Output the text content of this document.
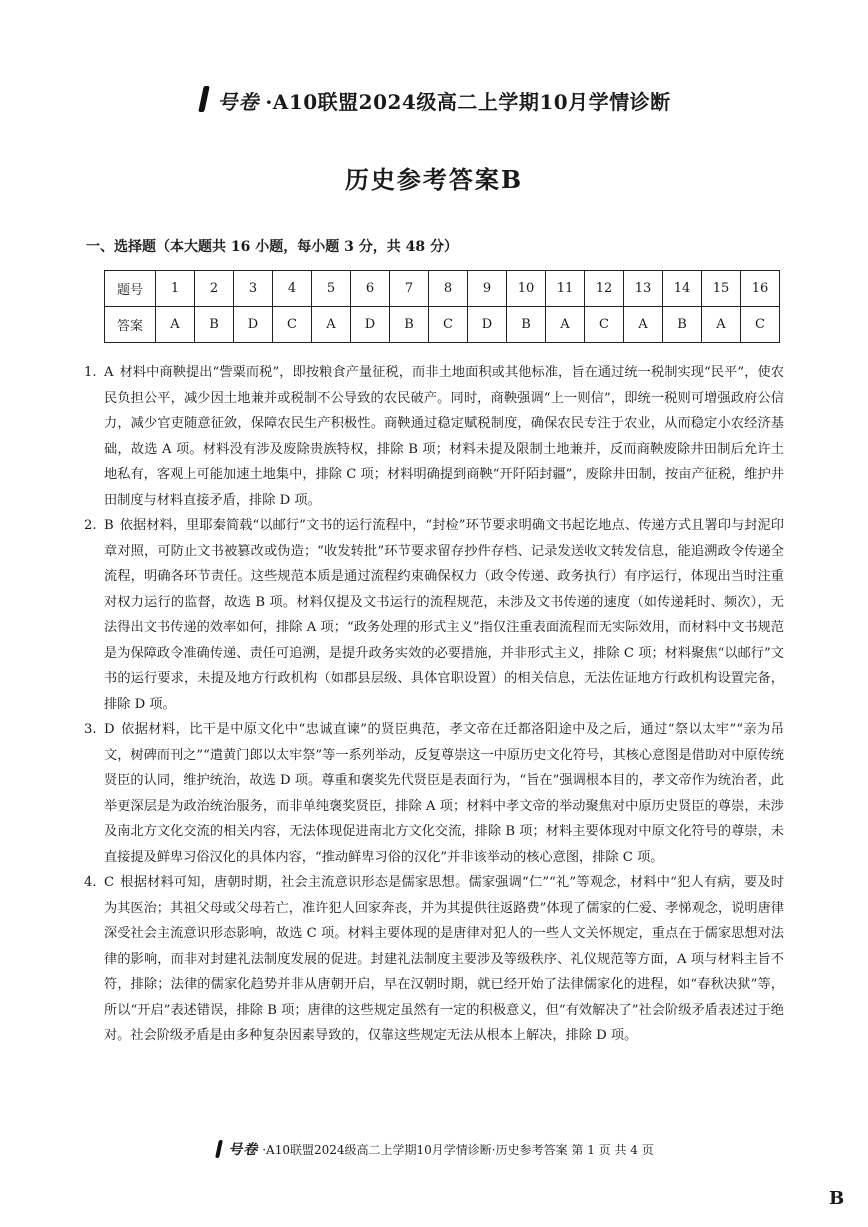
号卷 ·A10联盟2024级高二上学期10月学情诊断
历史参考答案B
一、选择题（本大题共 16 小题，每小题 3 分，共 48 分）
题号	1	2	3	4	5	6	7	8	9	10	11	12	13	14	15	16
答案	A	B	D	C	A	D	B	C	D	B	A	C	A	B	A	C
1. A 材料中商鞅提出“訾粟而税”，即按粮食产量征税，而非土地面积或其他标准，旨在通过统一税制实现“民平”，使农民负担公平，减少因土地兼并或税制不公导致的农民破产。同时，商鞅强调“上一则信”，即统一税则可增强政府公信力，减少官吏随意征敛，保障农民生产积极性。商鞅通过稳定赋税制度，确保农民专注于农业，从而稳定小农经济基础，故选 A 项。材料没有涉及废除贵族特权，排除 B 项；材料未提及限制土地兼并，反而商鞅废除井田制后允许土地私有，客观上可能加速土地集中，排除 C 项；材料明确提到商鞅“开阡陌封疆”，废除井田制，按亩产征税，维护井田制度与材料直接矛盾，排除 D 项。
2. B 依据材料，里耶秦简载“以邮行”文书的运行流程中，“封检”环节要求明确文书起讫地点、传递方式且署印与封泥印章对照，可防止文书被篡改或伪造；“收发转批”环节要求留存抄件存档、记录发送收文转发信息，能追溯政令传递全流程，明确各环节责任。这些规范本质是通过流程约束确保权力（政令传递、政务执行）有序运行，体现出当时注重对权力运行的监督，故选 B 项。材料仅提及文书运行的流程规范，未涉及文书传递的速度（如传递耗时、频次），无法得出文书传递的效率如何，排除 A 项；“政务处理的形式主义”指仅注重表面流程而无实际效用，而材料中文书规范是为保障政令准确传递、责任可追溯，是提升政务实效的必要措施，并非形式主义，排除 C 项；材料聚焦“以邮行”文书的运行要求，未提及地方行政机构（如郡县层级、具体官职设置）的相关信息，无法佐证地方行政机构设置完备，排除 D 项。
3. D 依据材料，比干是中原文化中“忠诚直谏”的贤臣典范，孝文帝在迁都洛阳途中及之后，通过“祭以太牢”“亲为吊文，树碑而刊之”“遣黄门郎以太牢祭”等一系列举动，反复尊崇这一中原历史文化符号，其核心意图是借助对中原传统贤臣的认同，维护统治，故选 D 项。尊重和褒奖先代贤臣是表面行为，“旨在”强调根本目的，孝文帝作为统治者，此举更深层是为政治统治服务，而非单纯褒奖贤臣，排除 A 项；材料中孝文帝的举动聚焦对中原历史贤臣的尊崇，未涉及南北方文化交流的相关内容，无法体现促进南北方文化交流，排除 B 项；材料主要体现对中原文化符号的尊崇，未直接提及鲜卑习俗汉化的具体内容，“推动鲜卑习俗的汉化”并非该举动的核心意图，排除 C 项。
4. C 根据材料可知，唐朝时期，社会主流意识形态是儒家思想。儒家强调“仁”“礼”等观念，材料中“犯人有病，要及时为其医治；其祖父母或父母若亡，准许犯人回家奔丧，并为其提供往返路费”体现了儒家的仁爱、孝悌观念，说明唐律深受社会主流意识形态影响，故选 C 项。材料主要体现的是唐律对犯人的一些人文关怀规定，重点在于儒家思想对法律的影响，而非对封建礼法制度发展的促进。封建礼法制度主要涉及等级秩序、礼仪规范等方面，A 项与材料主旨不符，排除；法律的儒家化趋势并非从唐朝开启，早在汉朝时期，就已经开始了法律儒家化的进程，如“春秋决狱”等，所以“开启”表述错误，排除 B 项；唐律的这些规定虽然有一定的积极意义，但“有效解决了”社会阶级矛盾表述过于绝对。社会阶级矛盾是由多种复杂因素导致的，仅靠这些规定无法从根本上解决，排除 D 项。
号卷 ·A10联盟2024级高二上学期10月学情诊断·历史参考答案 第 1 页 共 4 页
B
